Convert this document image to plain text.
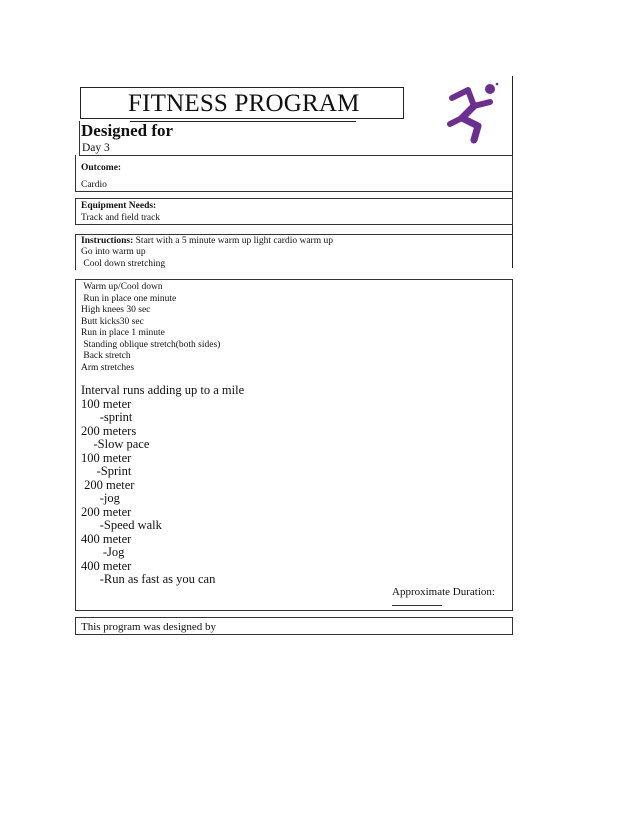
FITNESS PROGRAM
Designed for
Day 3
Outcome:
Cardio
Equipment Needs:
Track and field track
Instructions: Start with a 5 minute warm up light cardio warm up
Go into warm up
Cool down stretching
Warm up/Cool down
Run in place one minute
High knees 30 sec
Butt kicks30 sec
Run in place 1 minute
Standing oblique stretch(both sides)
Back stretch
Arm stretches
Interval runs adding up to a mile
100 meter
-sprint
200 meters
-Slow pace
100 meter
-Sprint
200 meter
-jog
200 meter
-Speed walk
400 meter
-Jog
400 meter
-Run as fast as you can
Approximate Duration:
This program was designed by
